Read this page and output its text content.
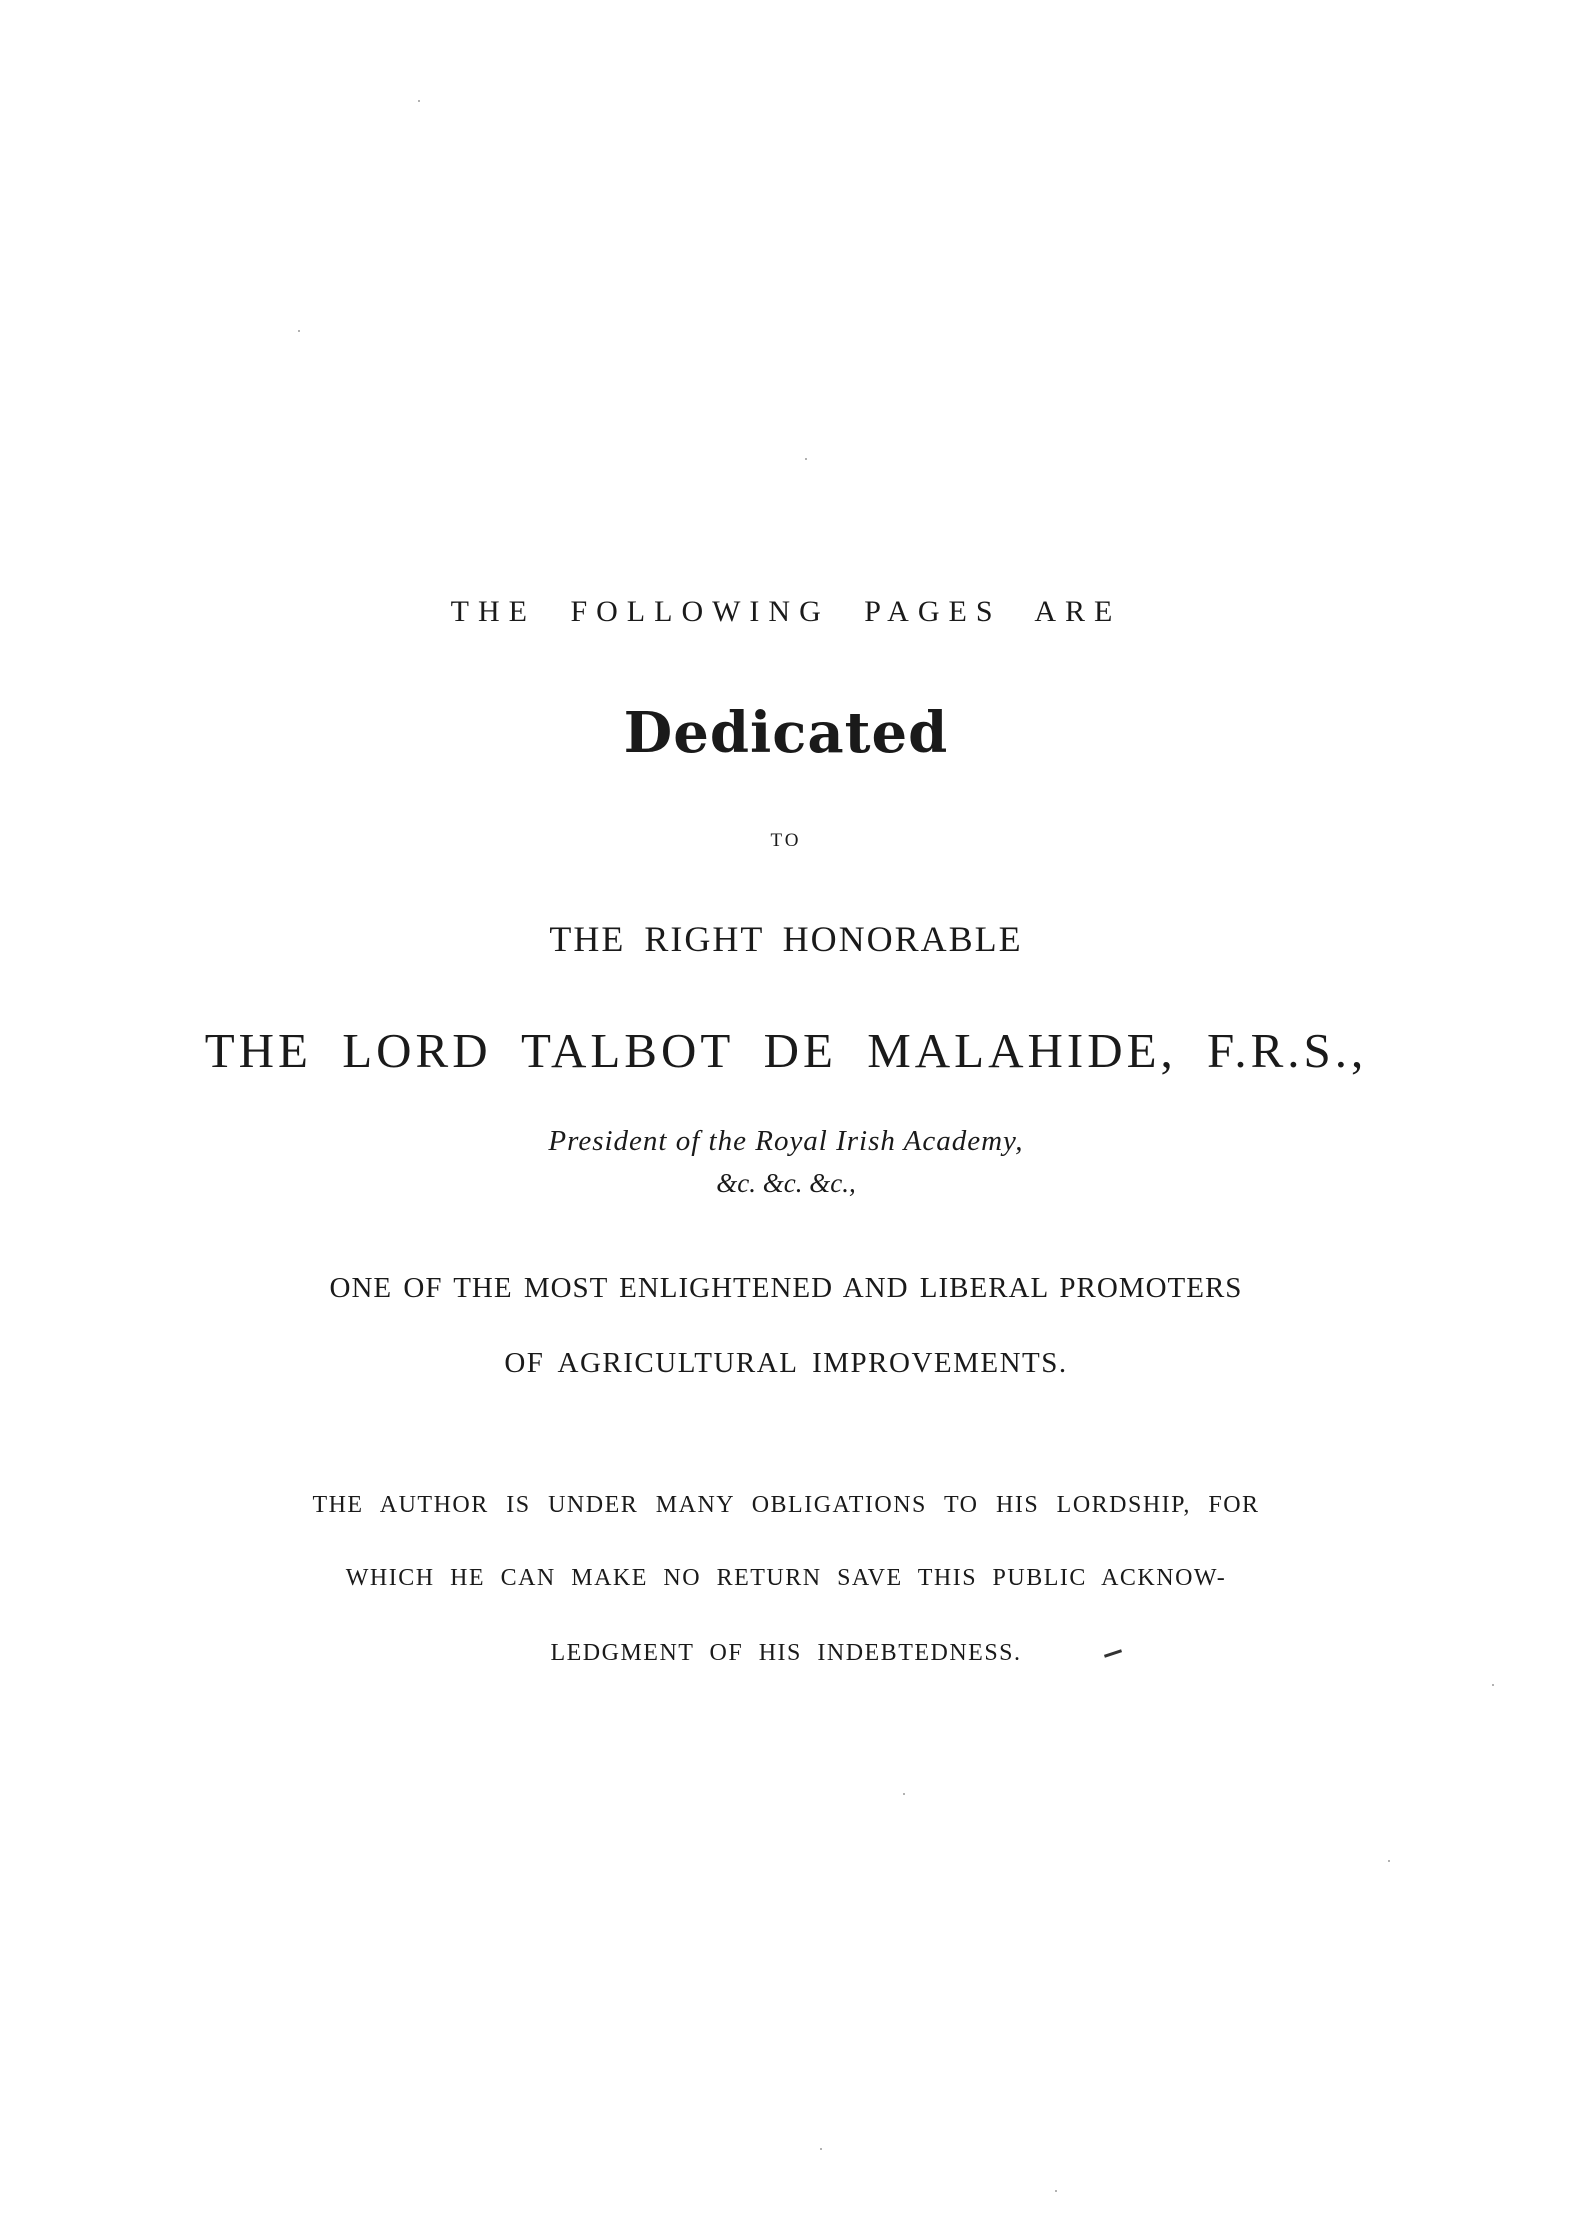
THE FOLLOWING PAGES ARE
Dedicated
TO
THE RIGHT HONORABLE
THE LORD TALBOT DE MALAHIDE, F.R.S.,
President of the Royal Irish Academy,
&c. &c. &c.,
ONE OF THE MOST ENLIGHTENED AND LIBERAL PROMOTERS
OF AGRICULTURAL IMPROVEMENTS.
THE AUTHOR IS UNDER MANY OBLIGATIONS TO HIS LORDSHIP, FOR
WHICH HE CAN MAKE NO RETURN SAVE THIS PUBLIC ACKNOW-
LEDGMENT OF HIS INDEBTEDNESS.
